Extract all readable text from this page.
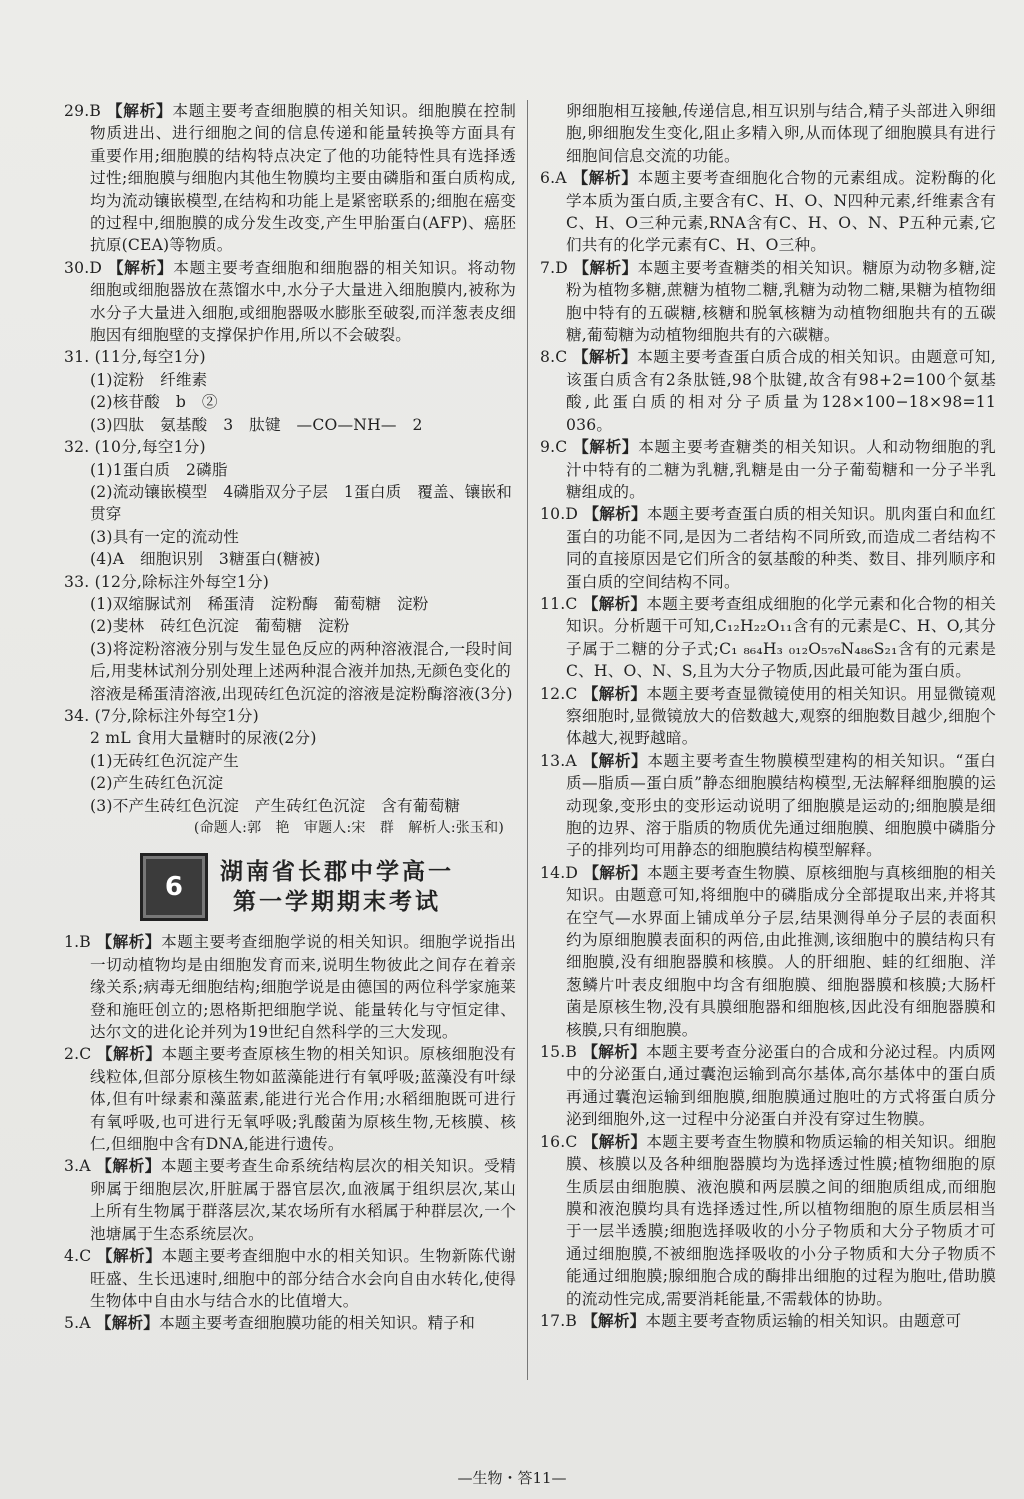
29.B 【解析】本题主要考查细胞膜的相关知识。细胞膜在控制物质进出、进行细胞之间的信息传递和能量转换等方面具有重要作用;细胞膜的结构特点决定了他的功能特性具有选择透过性;细胞膜与细胞内其他生物膜均主要由磷脂和蛋白质构成,均为流动镶嵌模型,在结构和功能上是紧密联系的;细胞在癌变的过程中,细胞膜的成分发生改变,产生甲胎蛋白(AFP)、癌胚抗原(CEA)等物质。

30.D 【解析】本题主要考查细胞和细胞器的相关知识。将动物细胞或细胞器放在蒸馏水中,水分子大量进入细胞膜内,被称为水分子大量进入细胞,或细胞器吸水膨胀至破裂,而洋葱表皮细胞因有细胞壁的支撑保护作用,所以不会破裂。

31. (11分,每空1分)

(1)淀粉　纤维素

(2)核苷酸　b　②

(3)四肽　氨基酸　3　肽键　—CO—NH—　2

32. (10分,每空1分)

(1)1蛋白质　2磷脂

(2)流动镶嵌模型　4磷脂双分子层　1蛋白质　覆盖、镶嵌和贯穿

(3)具有一定的流动性

(4)A　细胞识别　3糖蛋白(糖被)

33. (12分,除标注外每空1分)

(1)双缩脲试剂　稀蛋清　淀粉酶　葡萄糖　淀粉

(2)斐林　砖红色沉淀　葡萄糖　淀粉

(3)将淀粉溶液分别与发生显色反应的两种溶液混合,一段时间后,用斐林试剂分别处理上述两种混合液并加热,无颜色变化的溶液是稀蛋清溶液,出现砖红色沉淀的溶液是淀粉酶溶液(3分)

34. (7分,除标注外每空1分)

2 mL 食用大量糖时的尿液(2分)

(1)无砖红色沉淀产生

(2)产生砖红色沉淀

(3)不产生砖红色沉淀　产生砖红色沉淀　含有葡萄糖

(命题人:郭　艳　审题人:宋　群　解析人:张玉和)

6	湖南省长郡中学高一
第一学期期末考试

1.B 【解析】本题主要考查细胞学说的相关知识。细胞学说指出一切动植物均是由细胞发育而来,说明生物彼此之间存在着亲缘关系;病毒无细胞结构;细胞学说是由德国的两位科学家施莱登和施旺创立的;恩格斯把细胞学说、能量转化与守恒定律、达尔文的进化论并列为19世纪自然科学的三大发现。

2.C 【解析】本题主要考查原核生物的相关知识。原核细胞没有线粒体,但部分原核生物如蓝藻能进行有氧呼吸;蓝藻没有叶绿体,但有叶绿素和藻蓝素,能进行光合作用;水稻细胞既可进行有氧呼吸,也可进行无氧呼吸;乳酸菌为原核生物,无核膜、核仁,但细胞中含有DNA,能进行遗传。

3.A 【解析】本题主要考查生命系统结构层次的相关知识。受精卵属于细胞层次,肝脏属于器官层次,血液属于组织层次,某山上所有生物属于群落层次,某农场所有水稻属于种群层次,一个池塘属于生态系统层次。

4.C 【解析】本题主要考查细胞中水的相关知识。生物新陈代谢旺盛、生长迅速时,细胞中的部分结合水会向自由水转化,使得生物体中自由水与结合水的比值增大。

5.A 【解析】本题主要考查细胞膜功能的相关知识。精子和

卵细胞相互接触,传递信息,相互识别与结合,精子头部进入卵细胞,卵细胞发生变化,阻止多精入卵,从而体现了细胞膜具有进行细胞间信息交流的功能。

6.A 【解析】本题主要考查细胞化合物的元素组成。淀粉酶的化学本质为蛋白质,主要含有C、H、O、N四种元素,纤维素含有C、H、O三种元素,RNA含有C、H、O、N、P五种元素,它们共有的化学元素有C、H、O三种。

7.D 【解析】本题主要考查糖类的相关知识。糖原为动物多糖,淀粉为植物多糖,蔗糖为植物二糖,乳糖为动物二糖,果糖为植物细胞中特有的五碳糖,核糖和脱氧核糖为动植物细胞共有的五碳糖,葡萄糖为动植物细胞共有的六碳糖。

8.C 【解析】本题主要考查蛋白质合成的相关知识。由题意可知,该蛋白质含有2条肽链,98个肽键,故含有98+2=100个氨基酸,此蛋白质的相对分子质量为128×100−18×98=11 036。

9.C 【解析】本题主要考查糖类的相关知识。人和动物细胞的乳汁中特有的二糖为乳糖,乳糖是由一分子葡萄糖和一分子半乳糖组成的。

10.D 【解析】本题主要考查蛋白质的相关知识。肌肉蛋白和血红蛋白的功能不同,是因为二者结构不同所致,而造成二者结构不同的直接原因是它们所含的氨基酸的种类、数目、排列顺序和蛋白质的空间结构不同。

11.C 【解析】本题主要考查组成细胞的化学元素和化合物的相关知识。分析题干可知,C₁₂H₂₂O₁₁含有的元素是C、H、O,其分子属于二糖的分子式;C₁ ₈₆₄H₃ ₀₁₂O₅₇₆N₄₈₆S₂₁含有的元素是C、H、O、N、S,且为大分子物质,因此最可能为蛋白质。

12.C 【解析】本题主要考查显微镜使用的相关知识。用显微镜观察细胞时,显微镜放大的倍数越大,观察的细胞数目越少,细胞个体越大,视野越暗。

13.A 【解析】本题主要考查生物膜模型建构的相关知识。“蛋白质—脂质—蛋白质”静态细胞膜结构模型,无法解释细胞膜的运动现象,变形虫的变形运动说明了细胞膜是运动的;细胞膜是细胞的边界、溶于脂质的物质优先通过细胞膜、细胞膜中磷脂分子的排列均可用静态的细胞膜结构模型解释。

14.D 【解析】本题主要考查生物膜、原核细胞与真核细胞的相关知识。由题意可知,将细胞中的磷脂成分全部提取出来,并将其在空气—水界面上铺成单分子层,结果测得单分子层的表面积约为原细胞膜表面积的两倍,由此推测,该细胞中的膜结构只有细胞膜,没有细胞器膜和核膜。人的肝细胞、蛙的红细胞、洋葱鳞片叶表皮细胞中均含有细胞膜、细胞器膜和核膜;大肠杆菌是原核生物,没有具膜细胞器和细胞核,因此没有细胞器膜和核膜,只有细胞膜。

15.B 【解析】本题主要考查分泌蛋白的合成和分泌过程。内质网中的分泌蛋白,通过囊泡运输到高尔基体,高尔基体中的蛋白质再通过囊泡运输到细胞膜,细胞膜通过胞吐的方式将蛋白质分泌到细胞外,这一过程中分泌蛋白并没有穿过生物膜。

16.C 【解析】本题主要考查生物膜和物质运输的相关知识。细胞膜、核膜以及各种细胞器膜均为选择透过性膜;植物细胞的原生质层由细胞膜、液泡膜和两层膜之间的细胞质组成,而细胞膜和液泡膜均具有选择透过性,所以植物细胞的原生质层相当于一层半透膜;细胞选择吸收的小分子物质和大分子物质才可通过细胞膜,不被细胞选择吸收的小分子物质和大分子物质不能通过细胞膜;腺细胞合成的酶排出细胞的过程为胞吐,借助膜的流动性完成,需要消耗能量,不需载体的协助。

17.B 【解析】本题主要考查物质运输的相关知识。由题意可

—生物・答11—
